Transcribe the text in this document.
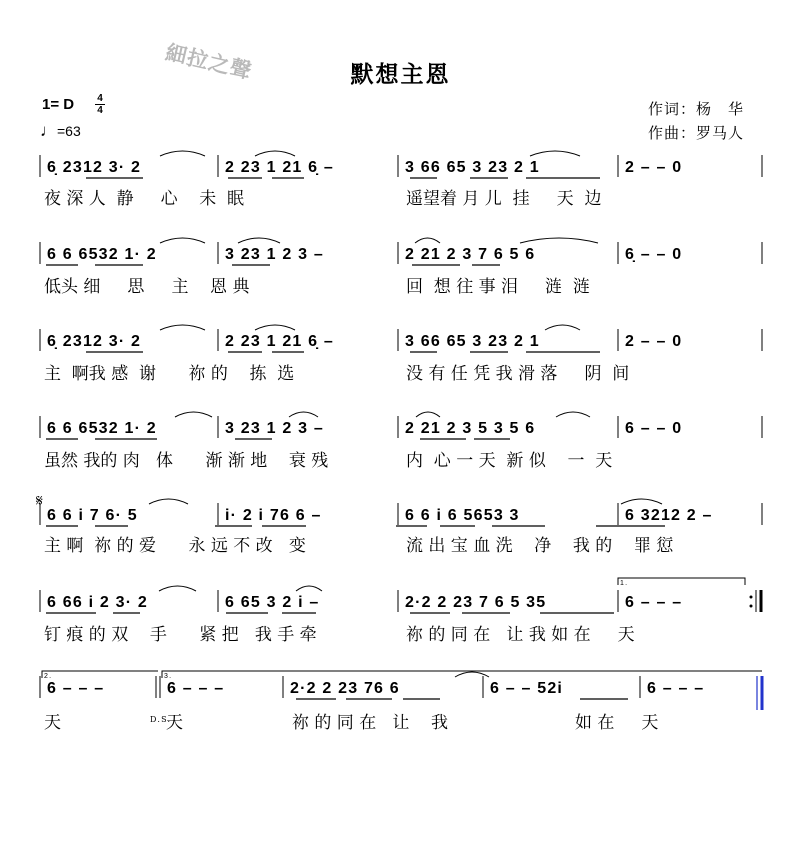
細拉之聲	默想主恩
1= D 4
4
♩=63
作词：杨　华
作曲：罗马人
6̣ 2312 3· 2	2 23 1 21 6̣ –	3 66 65 3 23 2 1	2 – – 0
6 6 6532 1· 2	3 23 1 2 3 –	2 21 2 3 7 6 5 6	6̣ – – 0
6̣ 2312 3· 2	2 23 1 21 6̣ –	3 66 65 3 23 2 1	2 – – 0
6 6 6532 1· 2	3 23 1 2 3 –	2 21 2 3 5 3 5 6	6 – – 0
6 6 i 7 6· 5	i· 2 i 76 6 –	6 6 i 6 5653 3	6 3212 2 –
6 66 i 2 3· 2	6 65 3 2 i –	2·2 2 23 7 6 5 35	6 – – –
6 – – –	6 – – –	2·2 2 23 76 6	6 – – 52i	6 – – –
1.
2.	3.
𝄋
D.S.
夜 深 人  静     心    未  眠	遥望着 月 儿  挂     天  边
低头 细     思     主    恩 典	回  想 往 事 泪     涟  涟
主  啊我 感  谢      祢 的    拣  选	没 有 任 凭 我 滑 落     阴  间
虽然 我的 肉   体      渐 渐 地    衰 残	内  心 一 天  新 似    一  天
主 啊  祢 的 爱      永 远 不 改   变	流 出 宝 血 洗    净    我 的    罪 愆
钉 痕 的 双    手      紧 把   我 手 牵	祢 的 同 在   让 我 如 在     天
天	天	祢 的 同 在   让    我	如 在     天
